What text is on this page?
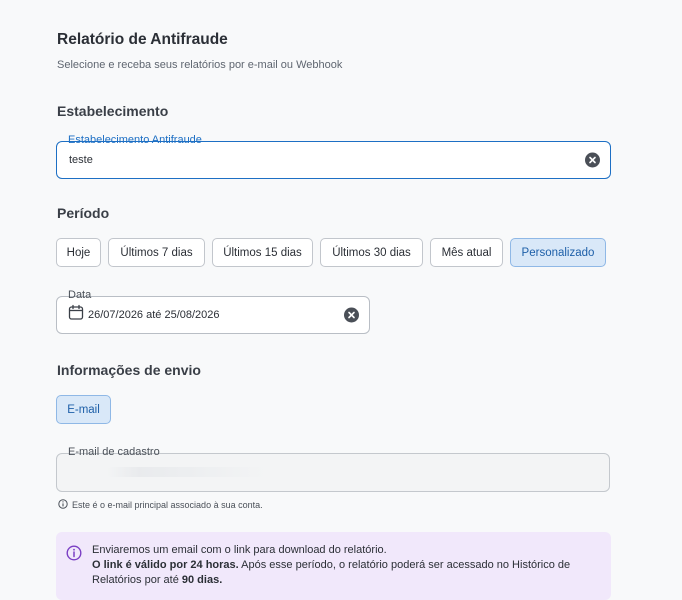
Relatório de Antifraude
Selecione e receba seus relatórios por e-mail ou Webhook
Estabelecimento
Estabelecimento Antifraude
teste
Período
Hoje	Últimos 7 dias	Últimos 15 dias	Últimos 30 dias	Mês atual	Personalizado
Data
26/07/2026 até 25/08/2026
Informações de envio
E-mail
E-mail de cadastro
Este é o e-mail principal associado à sua conta.
Enviaremos um email com o link para download do relatório.
O link é válido por 24 horas. Após esse período, o relatório poderá ser acessado no Histórico de Relatórios por até 90 dias.
